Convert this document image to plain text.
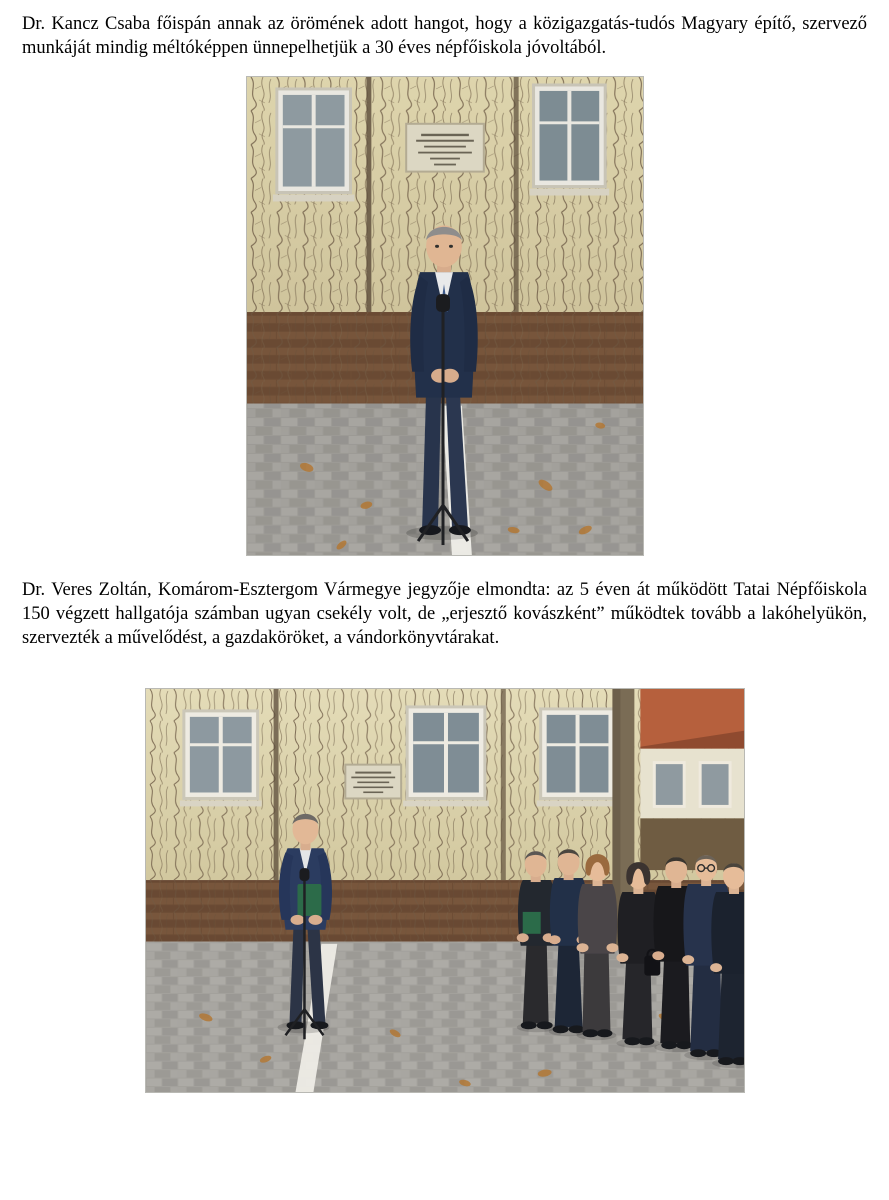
Dr. Kancz Csaba főispán annak az örömének adott hangot, hogy a közigazgatás-tudós Magyary építő, szervező munkáját mindig méltóképpen ünnepelhetjük a 30 éves népfőiskola jóvoltából.

Dr. Veres Zoltán, Komárom-Esztergom Vármegye jegyzője elmondta: az 5 éven át működött Tatai Népfőiskola 150 végzett hallgatója számban ugyan csekély volt, de „erjesztő kovászként” működtek tovább a lakóhelyükön, szervezték a művelődést, a gazdaköröket, a vándorkönyvtárakat.
